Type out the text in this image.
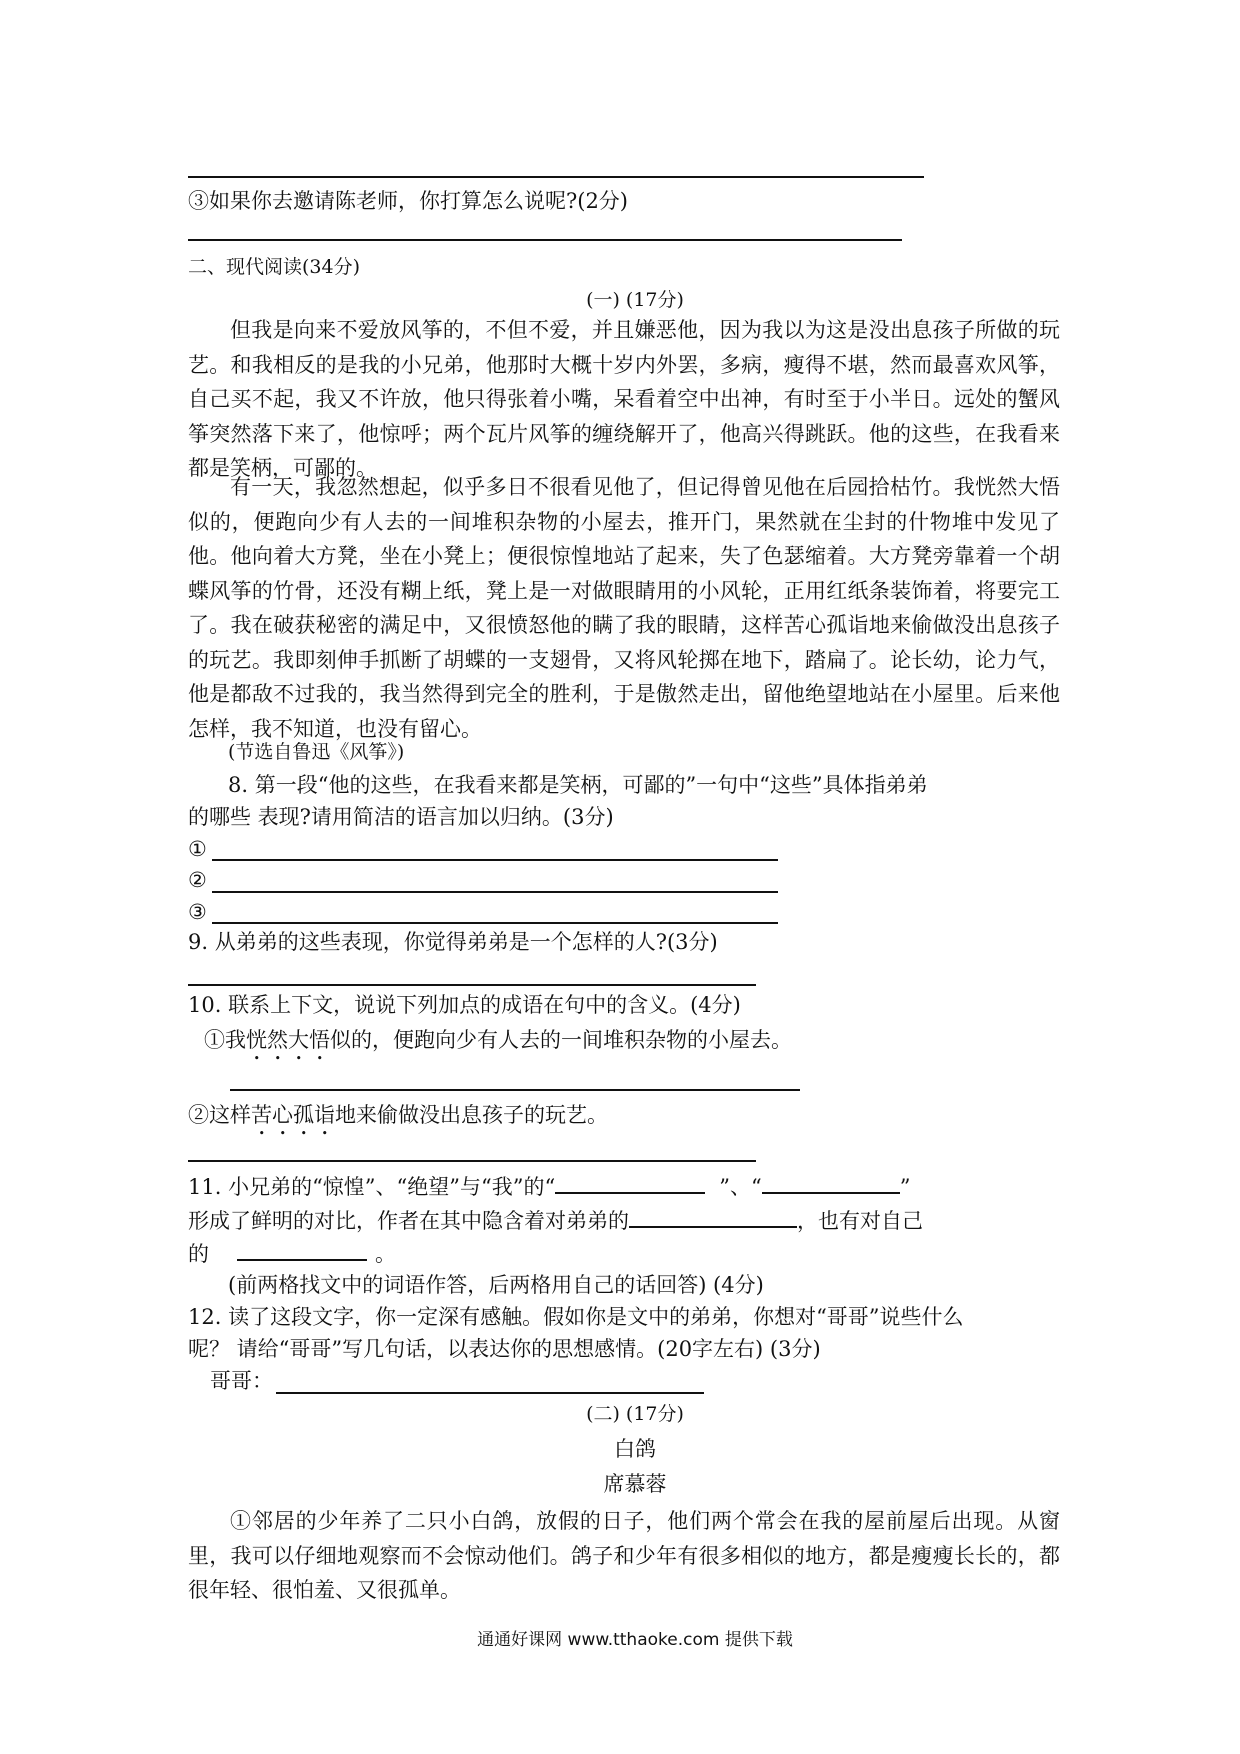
③如果你去邀请陈老师，你打算怎么说呢?(2分)
二、现代阅读(34分)
(一) (17分)
但我是向来不爱放风筝的，不但不爱，并且嫌恶他，因为我以为这是没出息孩子所做的玩艺。和我相反的是我的小兄弟，他那时大概十岁内外罢，多病，瘦得不堪，然而最喜欢风筝，自己买不起，我又不许放，他只得张着小嘴，呆看着空中出神，有时至于小半日。远处的蟹风筝突然落下来了，他惊呼；两个瓦片风筝的缠绕解开了，他高兴得跳跃。他的这些，在我看来都是笑柄，可鄙的。
有一天，我忽然想起，似乎多日不很看见他了，但记得曾见他在后园拾枯竹。我恍然大悟似的，便跑向少有人去的一间堆积杂物的小屋去，推开门，果然就在尘封的什物堆中发见了他。他向着大方凳，坐在小凳上；便很惊惶地站了起来，失了色瑟缩着。大方凳旁靠着一个胡蝶风筝的竹骨，还没有糊上纸，凳上是一对做眼睛用的小风轮，正用红纸条装饰着，将要完工了。我在破获秘密的满足中，又很愤怒他的瞒了我的眼睛，这样苦心孤诣地来偷做没出息孩子的玩艺。我即刻伸手抓断了胡蝶的一支翅骨，又将风轮掷在地下，踏扁了。论长幼，论力气，他是都敌不过我的，我当然得到完全的胜利，于是傲然走出，留他绝望地站在小屋里。后来他怎样，我不知道，也没有留心。
(节选自鲁迅《风筝》)
8. 第一段“他的这些，在我看来都是笑柄，可鄙的”一句中“这些”具体指弟弟
的哪些 表现?请用简洁的语言加以归纳。(3分)
①
②
③
9. 从弟弟的这些表现，你觉得弟弟是一个怎样的人?(3分)
10. 联系上下文，说说下列加点的成语在句中的含义。(4分)
①我恍然大悟似的，便跑向少有人去的一间堆积杂物的小屋去。
②这样苦心孤诣地来偷做没出息孩子的玩艺。
11. 小兄弟的“惊惶”、“绝望”与“我”的“	”、“	”
形成了鲜明的对比，作者在其中隐含着对弟弟的	，也有对自己
的	。
(前两格找文中的词语作答，后两格用自己的话回答) (4分)
12. 读了这段文字，你一定深有感触。假如你是文中的弟弟，你想对“哥哥”说些什么
呢？ 请给“哥哥”写几句话，以表达你的思想感情。(20字左右) (3分)
哥哥：
(二) (17分)
白鸽
席慕蓉
①邻居的少年养了二只小白鸽，放假的日子，他们两个常会在我的屋前屋后出现。从窗里，我可以仔细地观察而不会惊动他们。鸽子和少年有很多相似的地方，都是瘦瘦长长的，都很年轻、很怕羞、又很孤单。
通通好课网 www.tthaoke.com 提供下载
